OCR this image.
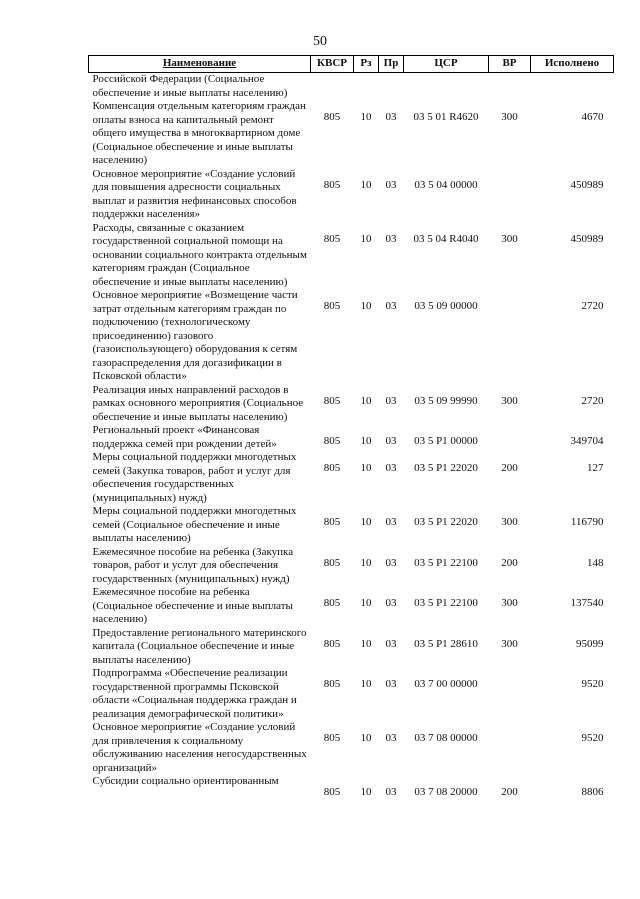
50
Наименование	КВСР	Рз	Пр	ЦСР	ВР	Исполнено
Российской Федерации (Социальное обеспечение и иные выплаты населению)						
Компенсация отдельным категориям граждан оплаты взноса на капитальный ремонт общего имущества в многоквартирном доме (Социальное обеспечение и иные выплаты населению)	805	10	03	03 5 01 R4620	300	4670
Основное мероприятие «Создание условий для повышения адресности социальных выплат и развития нефинансовых способов поддержки населения»	805	10	03	03 5 04 00000		450989
Расходы, связанные с оказанием государственной социальной помощи на основании социального контракта отдельным категориям граждан (Социальное обеспечение и иные выплаты населению)	805	10	03	03 5 04 R4040	300	450989
Основное мероприятие «Возмещение части затрат отдельным категориям граждан по подключению (технологическому присоединению) газового (газоиспользующего) оборудования к сетям газораспределения для догазификации в Псковской области»	805	10	03	03 5 09 00000		2720
Реализация иных направлений расходов в рамках основного мероприятия (Социальное обеспечение и иные выплаты населению)	805	10	03	03 5 09 99990	300	2720
Региональный проект «Финансовая поддержка семей при рождении детей»	805	10	03	03 5 P1 00000		349704
Меры социальной поддержки многодетных семей (Закупка товаров, работ и услуг для обеспечения государственных (муниципальных) нужд)	805	10	03	03 5 P1 22020	200	127
Меры социальной поддержки многодетных семей (Социальное обеспечение и иные выплаты населению)	805	10	03	03 5 P1 22020	300	116790
Ежемесячное пособие на ребенка (Закупка товаров, работ и услуг для обеспечения государственных (муниципальных) нужд)	805	10	03	03 5 P1 22100	200	148
Ежемесячное пособие на ребенка (Социальное обеспечение и иные выплаты населению)	805	10	03	03 5 P1 22100	300	137540
Предоставление регионального материнского капитала (Социальное обеспечение и иные выплаты населению)	805	10	03	03 5 P1 28610	300	95099
Подпрограмма «Обеспечение реализации государственной программы Псковской области «Социальная поддержка граждан и реализация демографической политики»	805	10	03	03 7 00 00000		9520
Основное мероприятие «Создание условий для привлечения к социальному обслуживанию населения негосударственных организаций»	805	10	03	03 7 08 00000		9520
Субсидии социально ориентированным	805	10	03	03 7 08 20000	200	8806
